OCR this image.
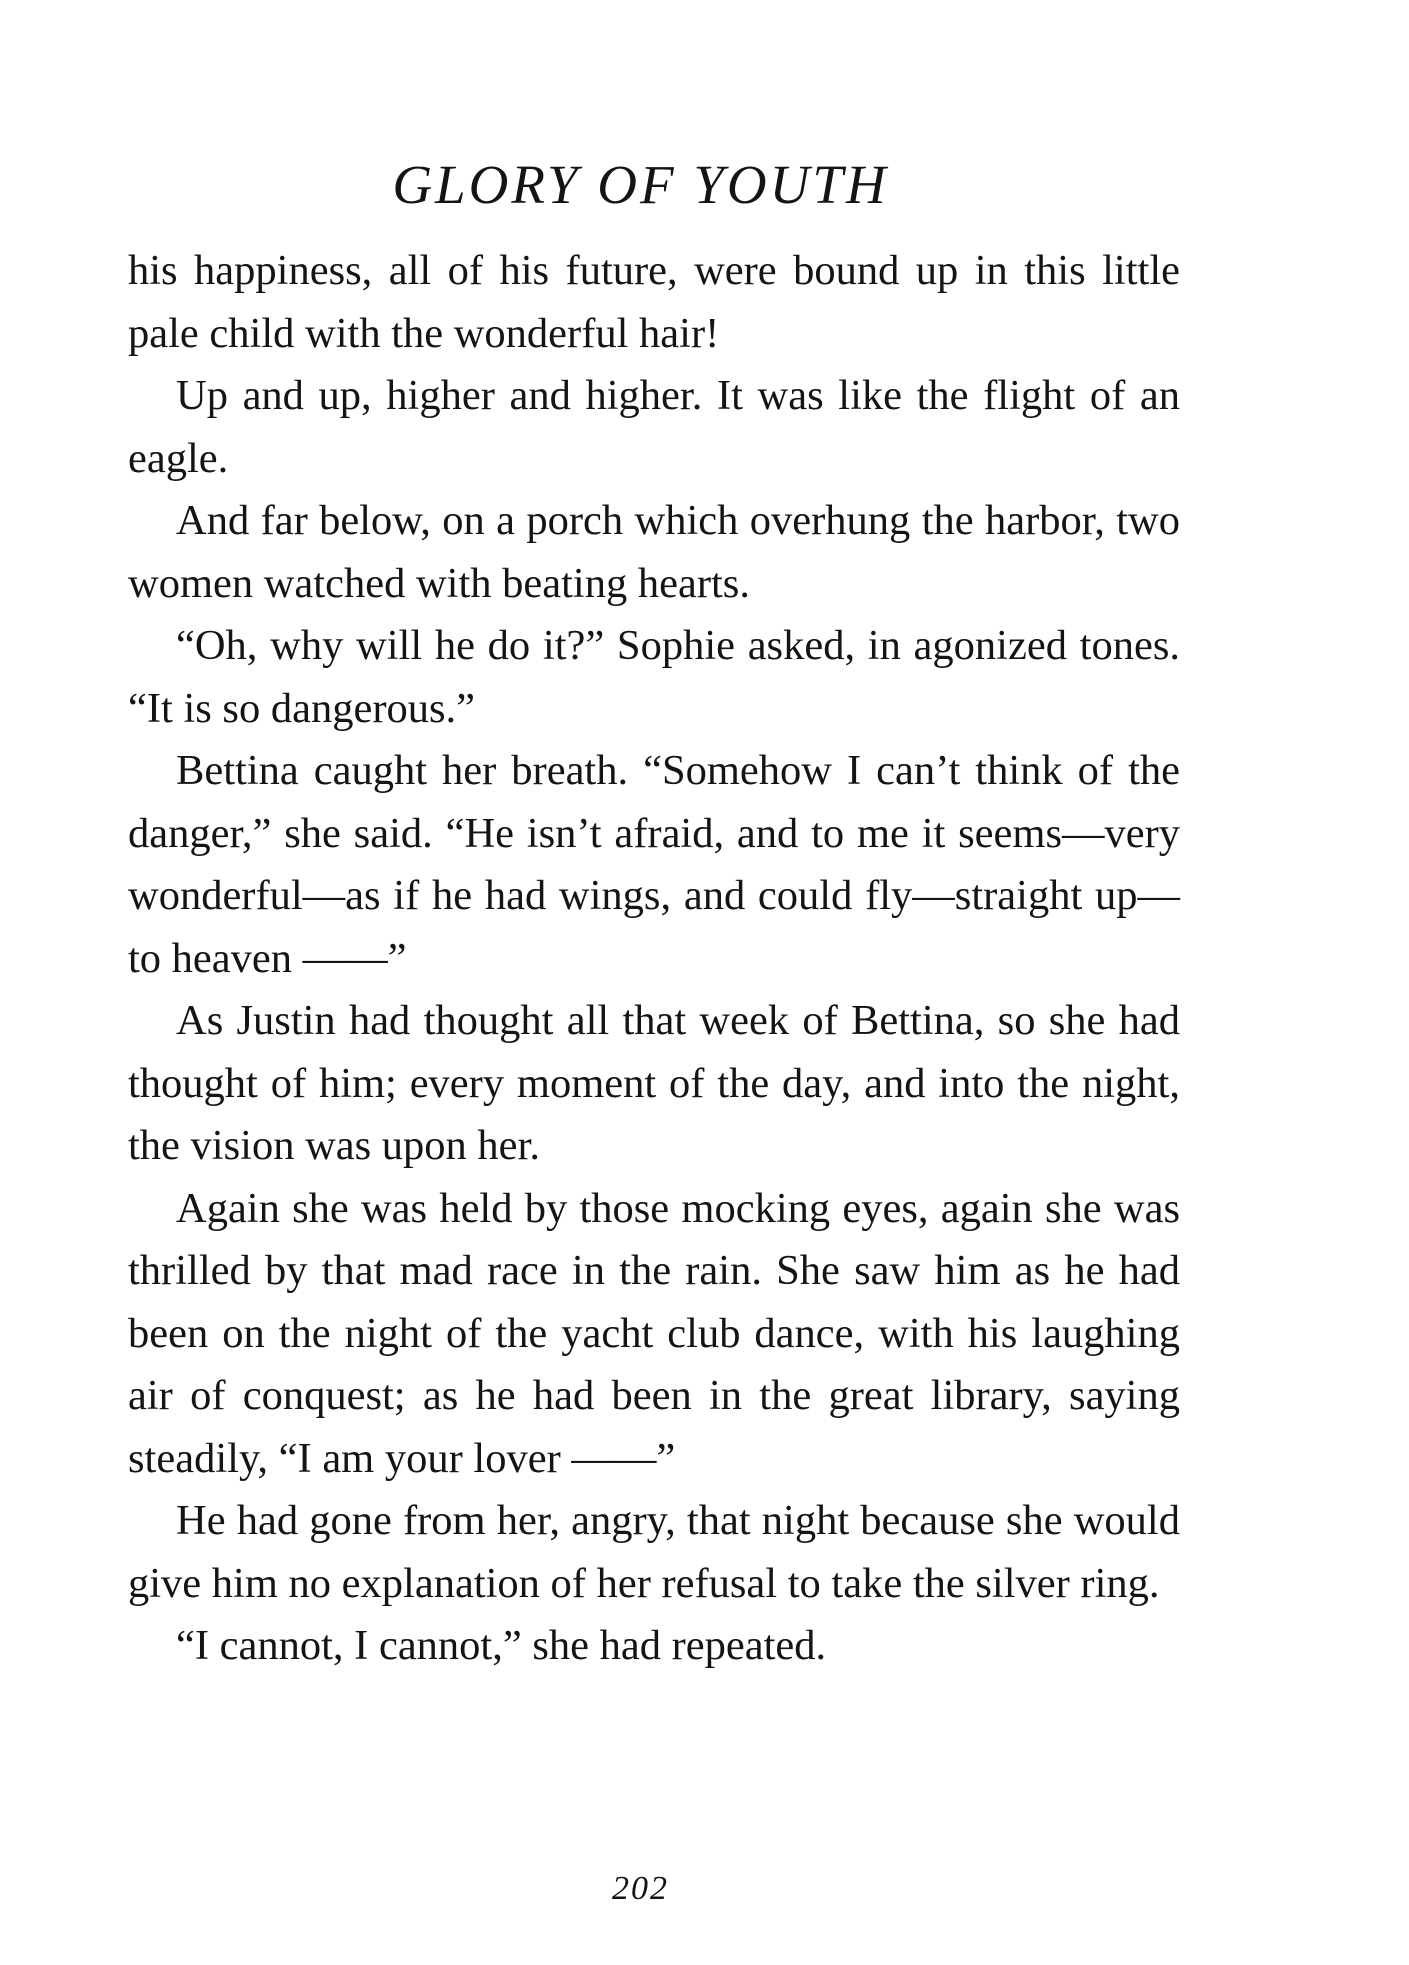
GLORY OF YOUTH

his happiness, all of his future, were bound up in this little pale child with the wonderful hair!

Up and up, higher and higher. It was like the flight of an eagle.

And far below, on a porch which overhung the harbor, two women watched with beating hearts.

“Oh, why will he do it?” Sophie asked, in agonized tones. “It is so dangerous.”

Bettina caught her breath. “Somehow I can’t think of the danger,” she said. “He isn’t afraid, and to me it seems—very wonderful—as if he had wings, and could fly—straight up—to heaven ——”

As Justin had thought all that week of Bettina, so she had thought of him; every moment of the day, and into the night, the vision was upon her.

Again she was held by those mocking eyes, again she was thrilled by that mad race in the rain. She saw him as he had been on the night of the yacht club dance, with his laughing air of conquest; as he had been in the great library, saying steadily, “I am your lover ——”

He had gone from her, angry, that night because she would give him no explanation of her refusal to take the silver ring.

“I cannot, I cannot,” she had repeated.

202
